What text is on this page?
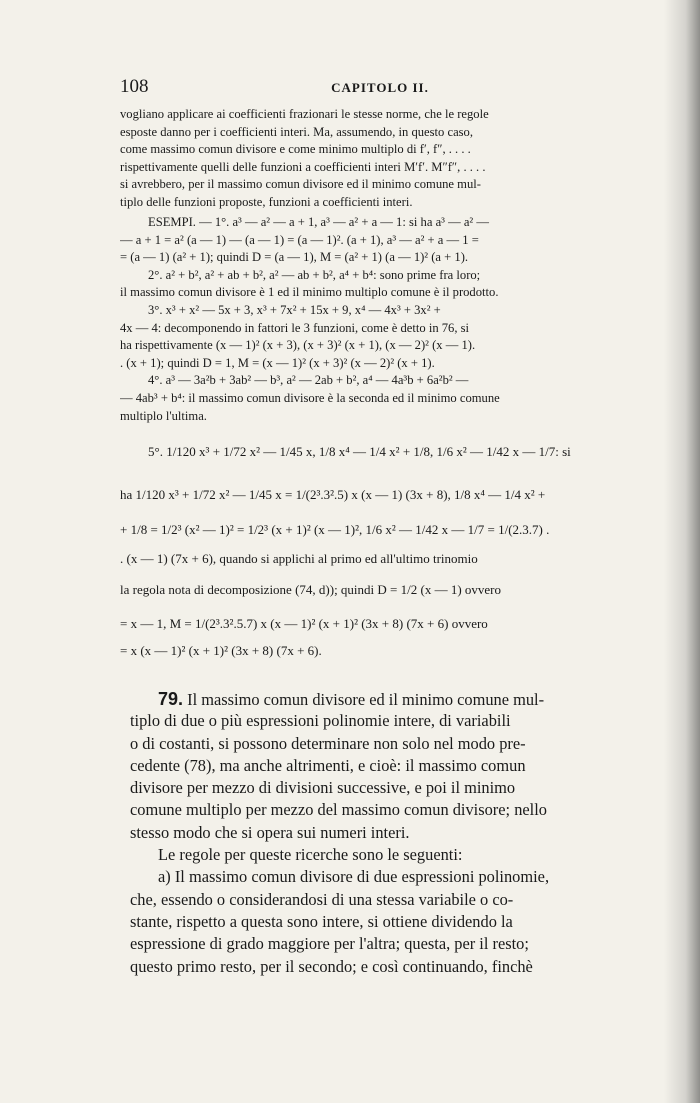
108	CAPITOLO II.
vogliano applicare ai coefficienti frazionari le stesse norme, che le regole
esposte danno per i coefficienti interi. Ma, assumendo, in questo caso,
come massimo comun divisore e come minimo multiplo di f′, f″, . . . .
rispettivamente quelli delle funzioni a coefficienti interi M′f′. M″f″, . . . .
si avrebbero, per il massimo comun divisore ed il minimo comune mul-
tiplo delle funzioni proposte, funzioni a coefficienti interi.
ESEMPI. — 1°. a³ — a² — a + 1, a³ — a² + a — 1: si ha a³ — a² —
— a + 1 = a² (a — 1) — (a — 1) = (a — 1)². (a + 1), a³ — a² + a — 1 =
= (a — 1) (a² + 1); quindi D = (a — 1), M = (a² + 1) (a — 1)² (a + 1).
2°. a² + b², a² + ab + b², a² — ab + b², a⁴ + b⁴: sono prime fra loro;
il massimo comun divisore è 1 ed il minimo multiplo comune è il prodotto.
3°. x³ + x² — 5x + 3, x³ + 7x² + 15x + 9, x⁴ — 4x³ + 3x² +
4x — 4: decomponendo in fattori le 3 funzioni, come è detto in 76, si
ha rispettivamente (x — 1)² (x + 3), (x + 3)² (x + 1), (x — 2)² (x — 1).
. (x + 1); quindi D = 1, M = (x — 1)² (x + 3)² (x — 2)² (x + 1).
4°. a³ — 3a²b + 3ab² — b³, a² — 2ab + b², a⁴ — 4a³b + 6a²b² —
— 4ab³ + b⁴: il massimo comun divisore è la seconda ed il minimo comune
multiplo l'ultima.
5°. 1/120 x³ + 1/72 x² — 1/45 x, 1/8 x⁴ — 1/4 x² + 1/8, 1/6 x² — 1/42 x — 1/7: si
ha 1/120 x³ + 1/72 x² — 1/45 x = 1/(2³.3².5) x (x — 1) (3x + 8), 1/8 x⁴ — 1/4 x² +
+ 1/8 = 1/2³ (x² — 1)² = 1/2³ (x + 1)² (x — 1)², 1/6 x² — 1/42 x — 1/7 = 1/(2.3.7) .
. (x — 1) (7x + 6), quando si applichi al primo ed all'ultimo trinomio
la regola nota di decomposizione (74, d)); quindi D = 1/2 (x — 1) ovvero
= x — 1, M = 1/(2³.3².5.7) x (x — 1)² (x + 1)² (3x + 8) (7x + 6) ovvero
= x (x — 1)² (x + 1)² (3x + 8) (7x + 6).
79. Il massimo comun divisore ed il minimo comune mul-
tiplo di due o più espressioni polinomie intere, di variabili
o di costanti, si possono determinare non solo nel modo pre-
cedente (78), ma anche altrimenti, e cioè: il massimo comun
divisore per mezzo di divisioni successive, e poi il minimo
comune multiplo per mezzo del massimo comun divisore; nello
stesso modo che si opera sui numeri interi.
Le regole per queste ricerche sono le seguenti:
a) Il massimo comun divisore di due espressioni polinomie,
che, essendo o considerandosi di una stessa variabile o co-
stante, rispetto a questa sono intere, si ottiene dividendo la
espressione di grado maggiore per l'altra; questa, per il resto;
questo primo resto, per il secondo; e così continuando, finchè
